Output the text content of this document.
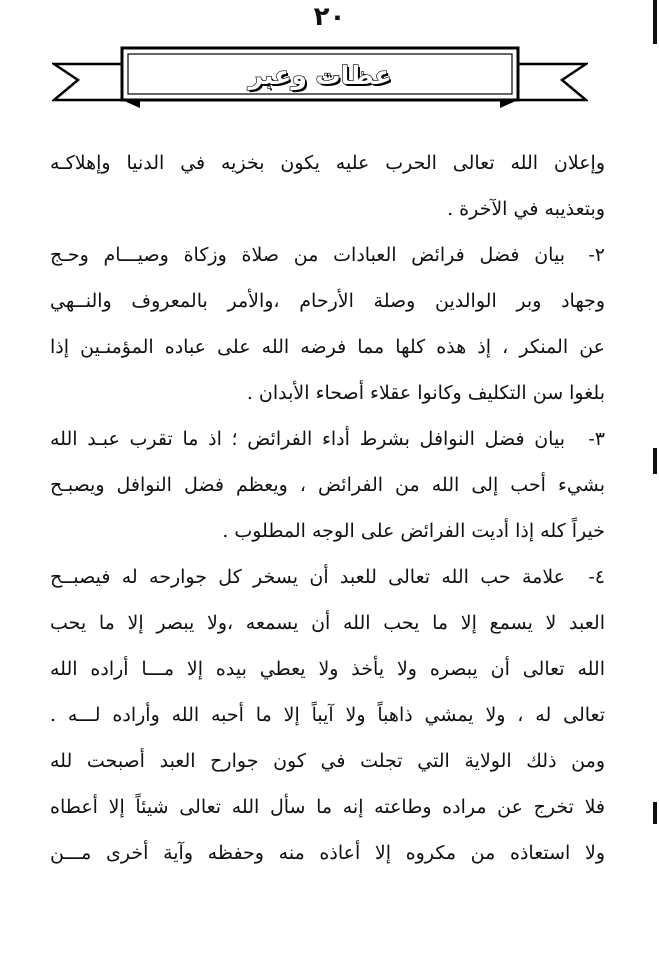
٢٠
عظات وعبر

وإعلان الله تعالى الحرب عليه يكون بخزيه في الدنيا وإهلاكـه

وبتعذيبه في الآخرة .

٢-
بيان فضل فرائض العبادات من صلاة وزكاة وصيـــام وحـج

وجهاد وبر الوالدين وصلة الأرحام ،والأمر بالمعروف والنــهي

عن المنكر ، إذ هذه كلها مما فرضه الله على عباده المؤمنـين إذا

بلغوا سن التكليف وكانوا عقلاء أصحاء الأبدان .

٣-
بيان فضل النوافل بشرط أداء الفرائض ؛ اذ ما تقرب عبـد الله

بشيء أحب إلى الله من الفرائض ، ويعظم فضل النوافل ويصبـح

خيراً كله إذا أديت الفرائض على الوجه المطلوب .

٤-
علامة حب الله تعالى للعبد أن يسخر كل جوارحه له فيصبــح

العبد لا يسمع إلا ما يحب الله أن يسمعه ،ولا يبصر إلا ما يحب

الله تعالى أن يبصره ولا يأخذ ولا يعطي بيده إلا مـــا أراده الله

تعالى له ، ولا يمشي ذاهباً ولا آيباً إلا ما أحبه الله وأراده لـــه .

ومن ذلك الولاية التي تجلت في كون جوارح العبد أصبحت لله

فلا تخرج عن مراده وطاعته إنه ما سأل الله تعالى شيئاً إلا أعطاه

ولا استعاذه من مكروه إلا أعاذه منه وحفظه وآية أخرى مـــن
